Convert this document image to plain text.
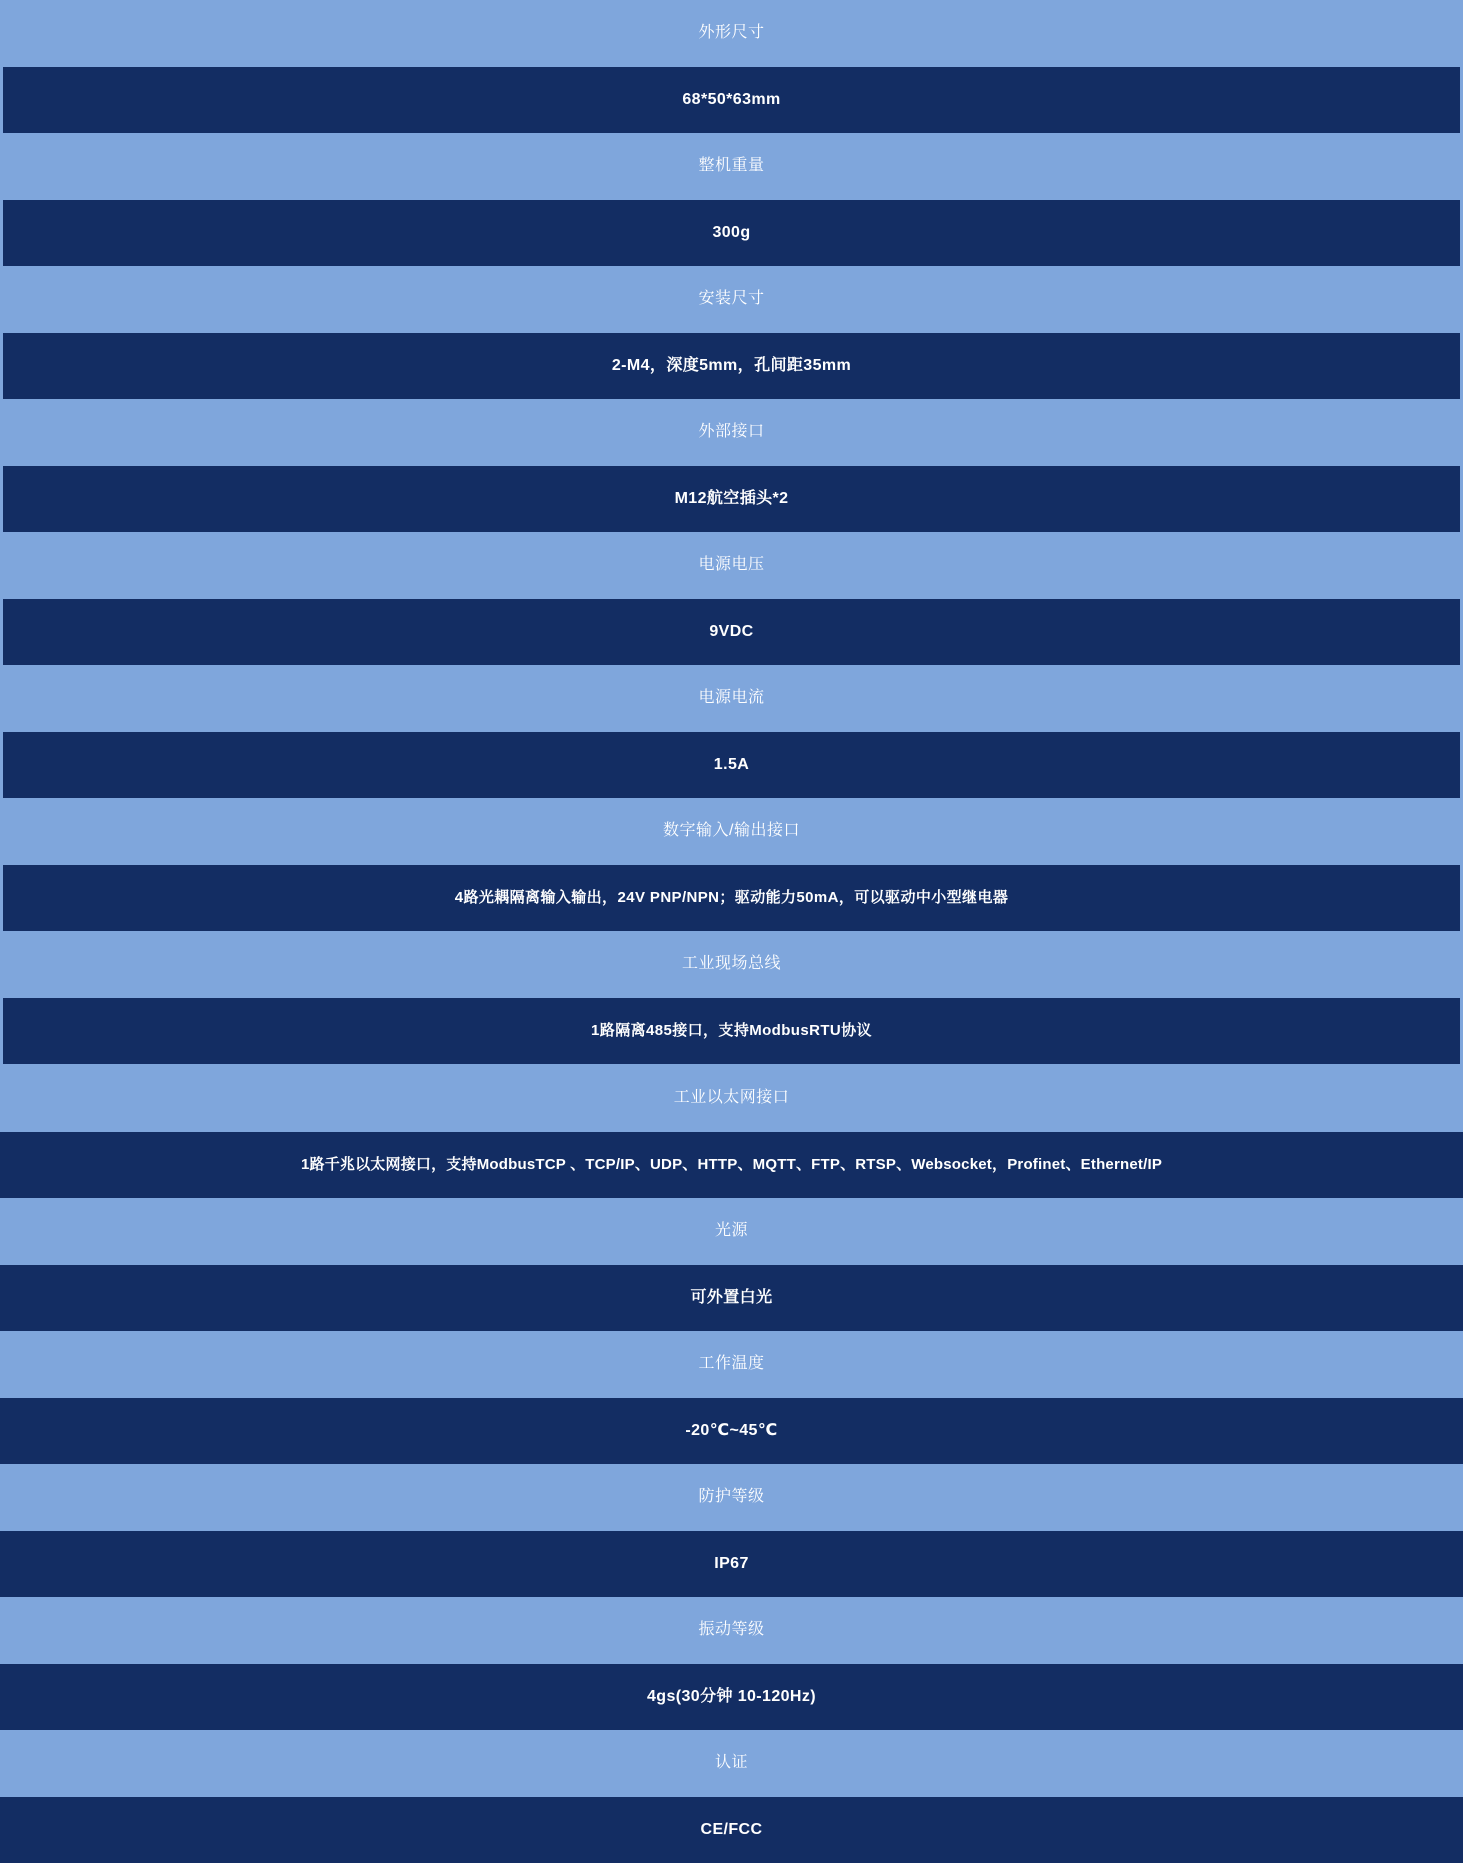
外形尺寸
68*50*63mm
整机重量
300g
安装尺寸
2-M4，深度5mm，孔间距35mm
外部接口
M12航空插头*2
电源电压
9VDC
电源电流
1.5A
数字输入/输出接口
4路光耦隔离输入输出，24V PNP/NPN；驱动能力50mA，可以驱动中小型继电器
工业现场总线
1路隔离485接口，支持ModbusRTU协议
工业以太网接口
1路千兆以太网接口，支持ModbusTCP 、TCP/IP、UDP、HTTP、MQTT、FTP、RTSP、Websocket，Profinet、Ethernet/IP
光源
可外置白光
工作温度
-20℃~45℃
防护等级
IP67
振动等级
4gs(30分钟 10-120Hz)
认证
CE/FCC
